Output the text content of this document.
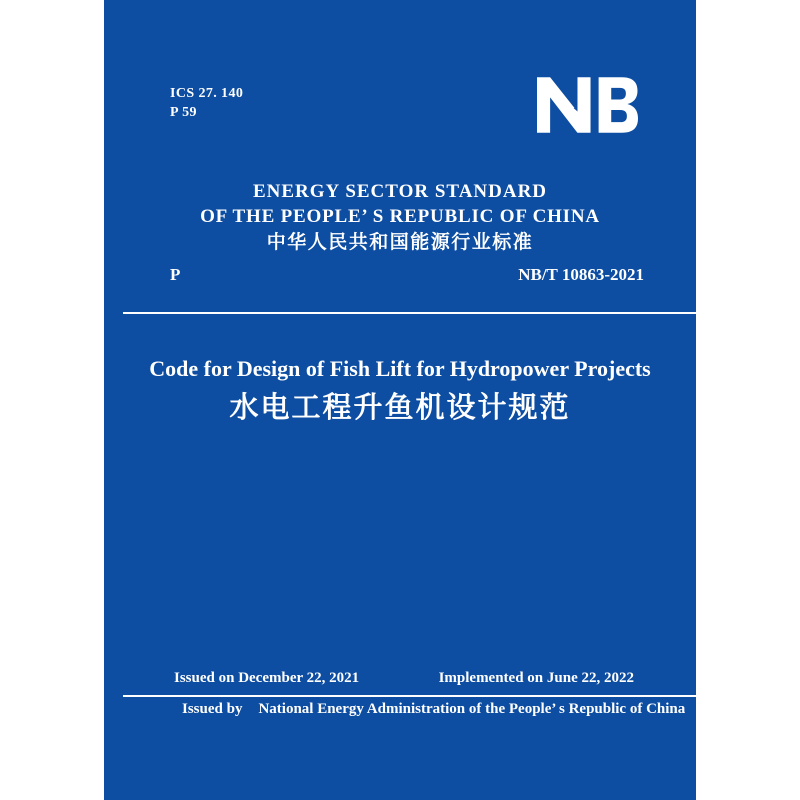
ICS 27. 140
P 59
ENERGY SECTOR STANDARD
OF THE PEOPLE’ S REPUBLIC OF CHINA
中华人民共和国能源行业标准
P	NB/T 10863-2021
Code for Design of Fish Lift for Hydropower Projects
水电工程升鱼机设计规范
Issued on December 22, 2021	Implemented on June 22, 2022
Issued by National Energy Administration of the People’ s Republic of China
